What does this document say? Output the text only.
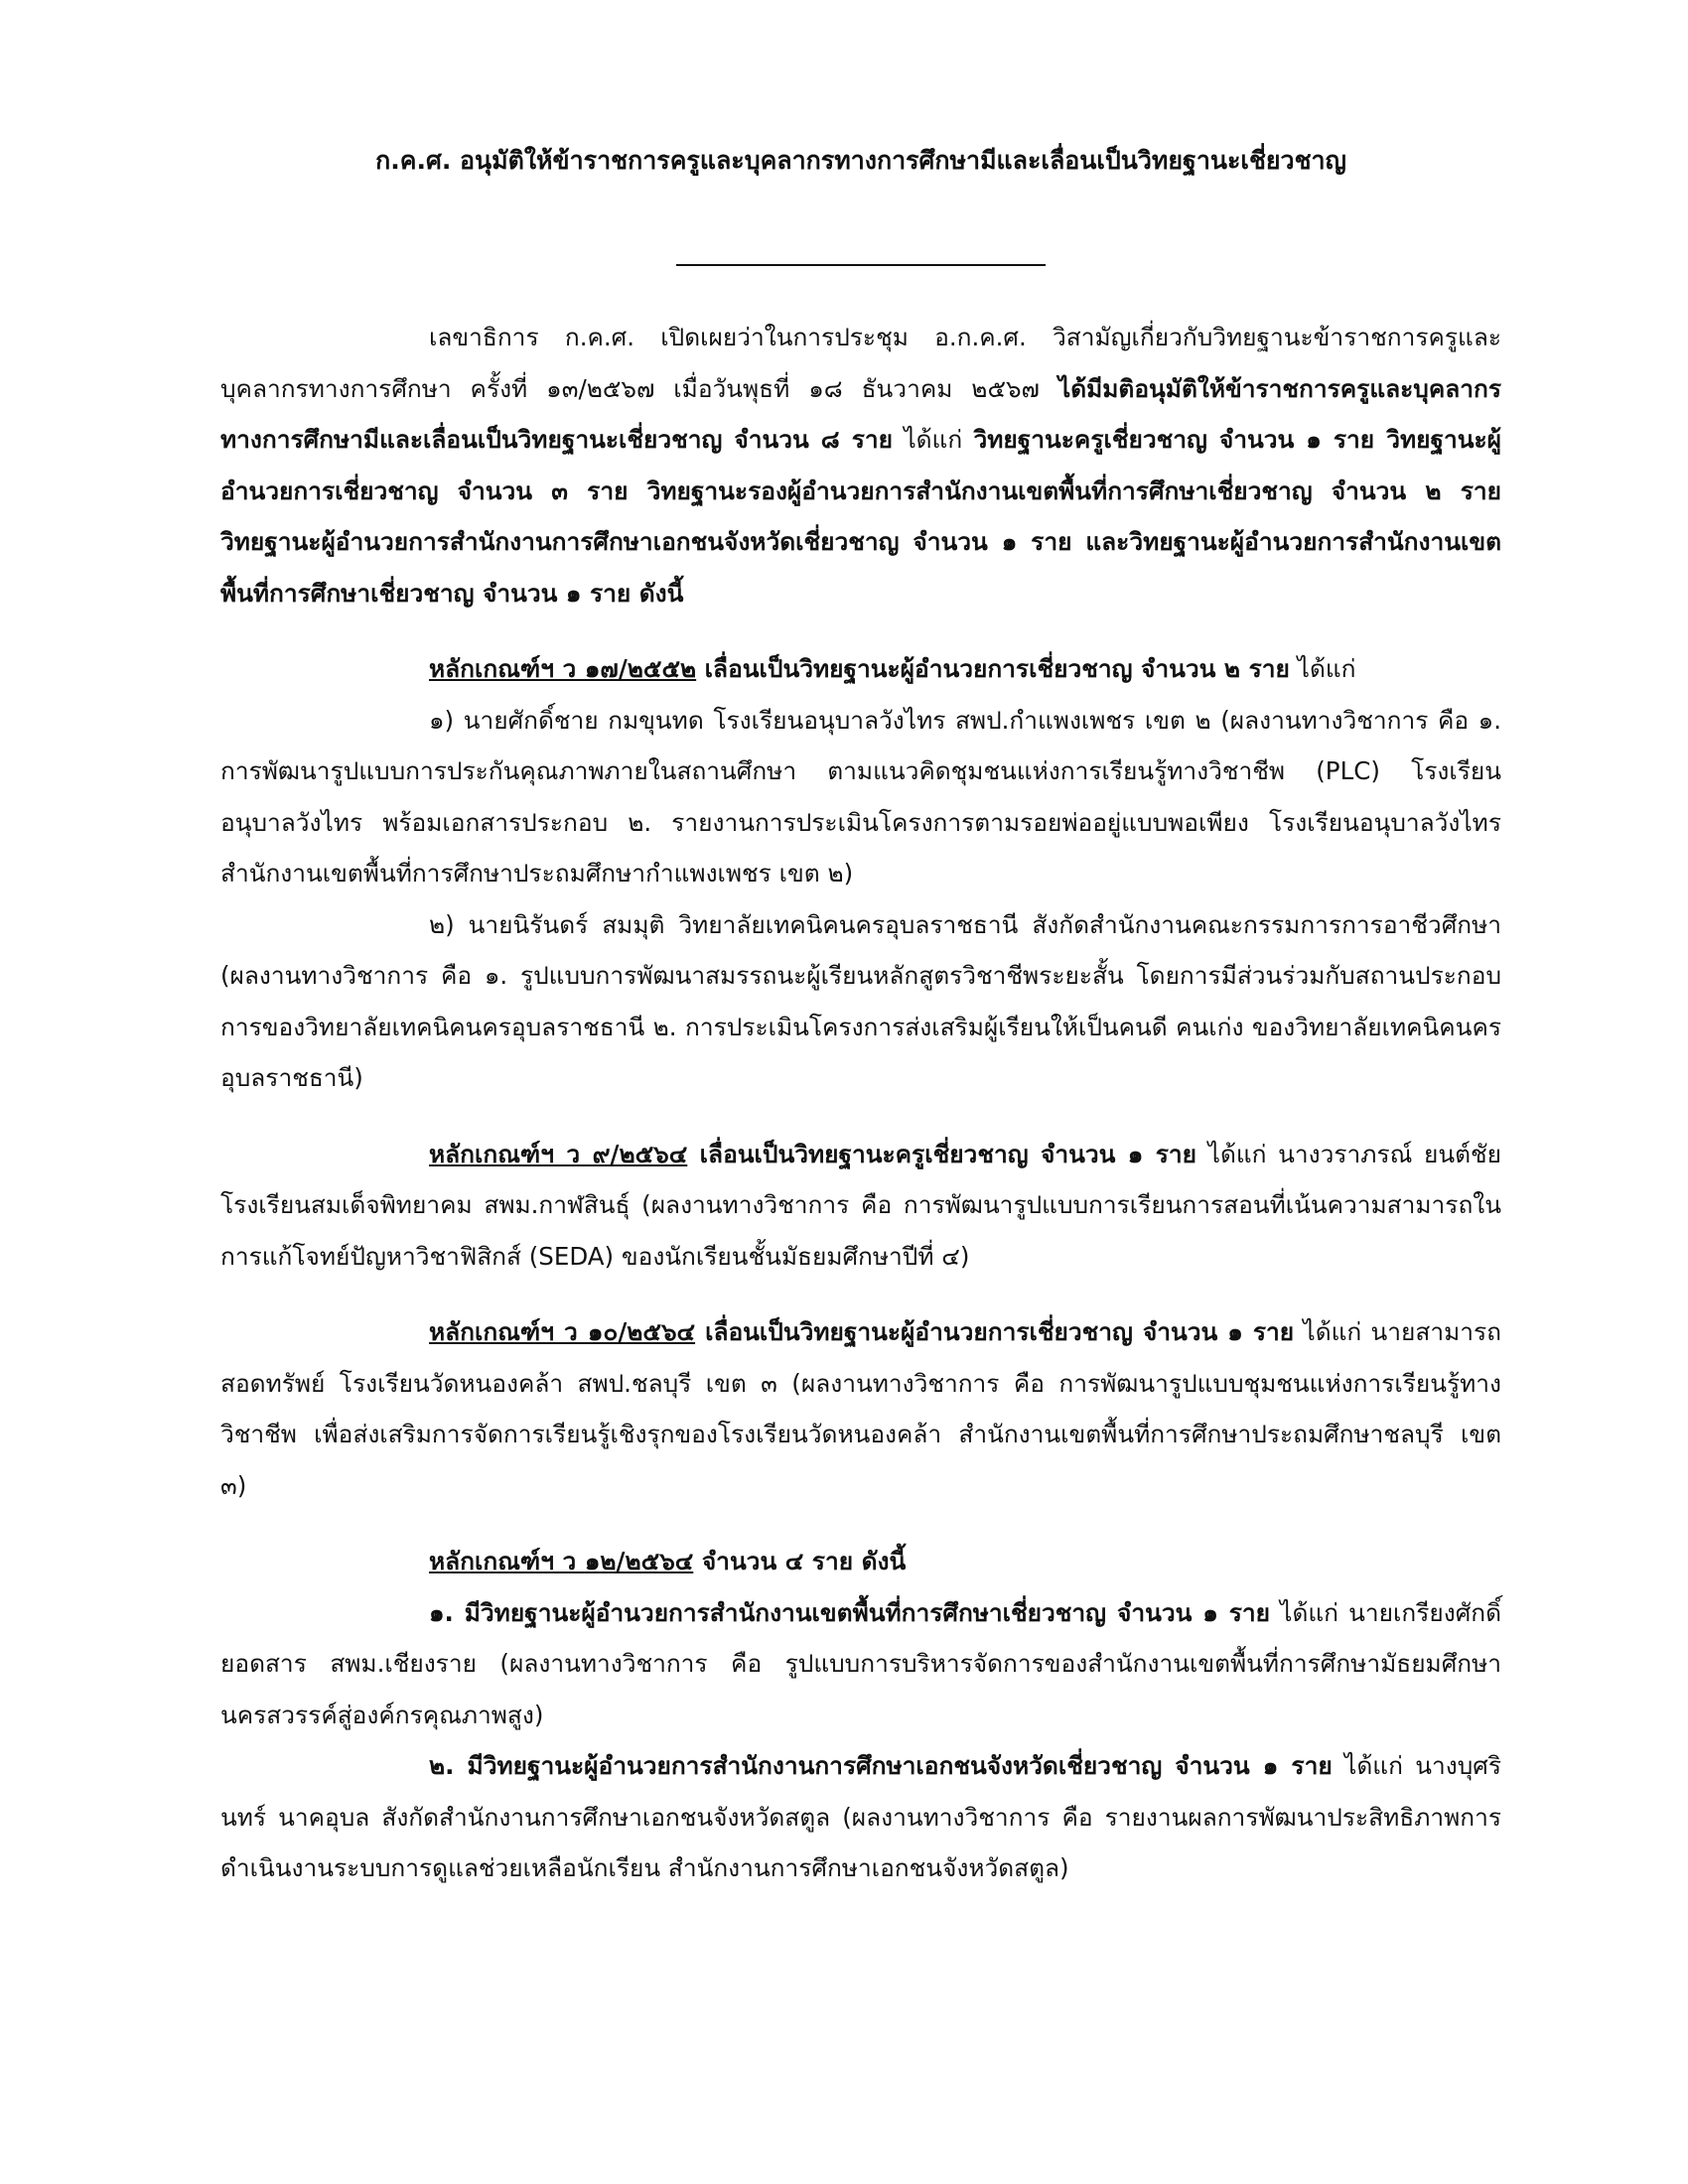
ก.ค.ศ. อนุมัติให้ข้าราชการครูและบุคลากรทางการศึกษามีและเลื่อนเป็นวิทยฐานะเชี่ยวชาญ

เลขาธิการ ก.ค.ศ. เปิดเผยว่าในการประชุม อ.ก.ค.ศ. วิสามัญเกี่ยวกับวิทยฐานะข้าราชการครูและบุคลากรทางการศึกษา ครั้งที่ ๑๓/๒๕๖๗ เมื่อวันพุธที่ ๑๘ ธันวาคม ๒๕๖๗ ได้มีมติอนุมัติให้ข้าราชการครูและบุคลากรทางการศึกษามีและเลื่อนเป็นวิทยฐานะเชี่ยวชาญ จำนวน ๘ ราย ได้แก่ วิทยฐานะครูเชี่ยวชาญ จำนวน ๑ ราย วิทยฐานะผู้อำนวยการเชี่ยวชาญ จำนวน ๓ ราย วิทยฐานะรองผู้อำนวยการสำนักงานเขตพื้นที่การศึกษาเชี่ยวชาญ จำนวน ๒ ราย วิทยฐานะผู้อำนวยการสำนักงานการศึกษาเอกชนจังหวัดเชี่ยวชาญ จำนวน ๑ ราย และวิทยฐานะผู้อำนวยการสำนักงานเขตพื้นที่การศึกษาเชี่ยวชาญ จำนวน ๑ ราย ดังนี้

หลักเกณฑ์ฯ ว ๑๗/๒๕๕๒ เลื่อนเป็นวิทยฐานะผู้อำนวยการเชี่ยวชาญ จำนวน ๒ ราย ได้แก่

๑) นายศักดิ์ชาย กมขุนทด โรงเรียนอนุบาลวังไทร สพป.กำแพงเพชร เขต ๒ (ผลงานทางวิชาการ คือ ๑. การพัฒนารูปแบบการประกันคุณภาพภายในสถานศึกษา ตามแนวคิดชุมชนแห่งการเรียนรู้ทางวิชาชีพ (PLC) โรงเรียนอนุบาลวังไทร พร้อมเอกสารประกอบ ๒. รายงานการประเมินโครงการตามรอยพ่ออยู่แบบพอเพียง โรงเรียนอนุบาลวังไทร สำนักงานเขตพื้นที่การศึกษาประถมศึกษากำแพงเพชร เขต ๒)

๒) นายนิรันดร์ สมมุติ วิทยาลัยเทคนิคนครอุบลราชธานี สังกัดสำนักงานคณะกรรมการการอาชีวศึกษา (ผลงานทางวิชาการ คือ ๑. รูปแบบการพัฒนาสมรรถนะผู้เรียนหลักสูตรวิชาชีพระยะสั้น โดยการมีส่วนร่วมกับสถานประกอบการของวิทยาลัยเทคนิคนครอุบลราชธานี ๒. การประเมินโครงการส่งเสริมผู้เรียนให้เป็นคนดี คนเก่ง ของวิทยาลัยเทคนิคนครอุบลราชธานี)

หลักเกณฑ์ฯ ว ๙/๒๕๖๔ เลื่อนเป็นวิทยฐานะครูเชี่ยวชาญ จำนวน ๑ ราย ได้แก่ นางวราภรณ์ ยนต์ชัย โรงเรียนสมเด็จพิทยาคม สพม.กาฬสินธุ์ (ผลงานทางวิชาการ คือ การพัฒนารูปแบบการเรียนการสอนที่เน้นความสามารถในการแก้โจทย์ปัญหาวิชาฟิสิกส์ (SEDA) ของนักเรียนชั้นมัธยมศึกษาปีที่ ๔)

หลักเกณฑ์ฯ ว ๑๐/๒๕๖๔ เลื่อนเป็นวิทยฐานะผู้อำนวยการเชี่ยวชาญ จำนวน ๑ ราย ได้แก่ นายสามารถ สอดทรัพย์ โรงเรียนวัดหนองคล้า สพป.ชลบุรี เขต ๓ (ผลงานทางวิชาการ คือ การพัฒนารูปแบบชุมชนแห่งการเรียนรู้ทางวิชาชีพ เพื่อส่งเสริมการจัดการเรียนรู้เชิงรุกของโรงเรียนวัดหนองคล้า สำนักงานเขตพื้นที่การศึกษาประถมศึกษาชลบุรี เขต ๓)

หลักเกณฑ์ฯ ว ๑๒/๒๕๖๔ จำนวน ๔ ราย ดังนี้

๑. มีวิทยฐานะผู้อำนวยการสำนักงานเขตพื้นที่การศึกษาเชี่ยวชาญ จำนวน ๑ ราย ได้แก่ นายเกรียงศักดิ์ ยอดสาร สพม.เชียงราย (ผลงานทางวิชาการ คือ รูปแบบการบริหารจัดการของสำนักงานเขตพื้นที่การศึกษามัธยมศึกษานครสวรรค์สู่องค์กรคุณภาพสูง)

๒. มีวิทยฐานะผู้อำนวยการสำนักงานการศึกษาเอกชนจังหวัดเชี่ยวชาญ จำนวน ๑ ราย ได้แก่ นางบุศรินทร์ นาคอุบล สังกัดสำนักงานการศึกษาเอกชนจังหวัดสตูล (ผลงานทางวิชาการ คือ รายงานผลการพัฒนาประสิทธิภาพการดำเนินงานระบบการดูแลช่วยเหลือนักเรียน สำนักงานการศึกษาเอกชนจังหวัดสตูล)
